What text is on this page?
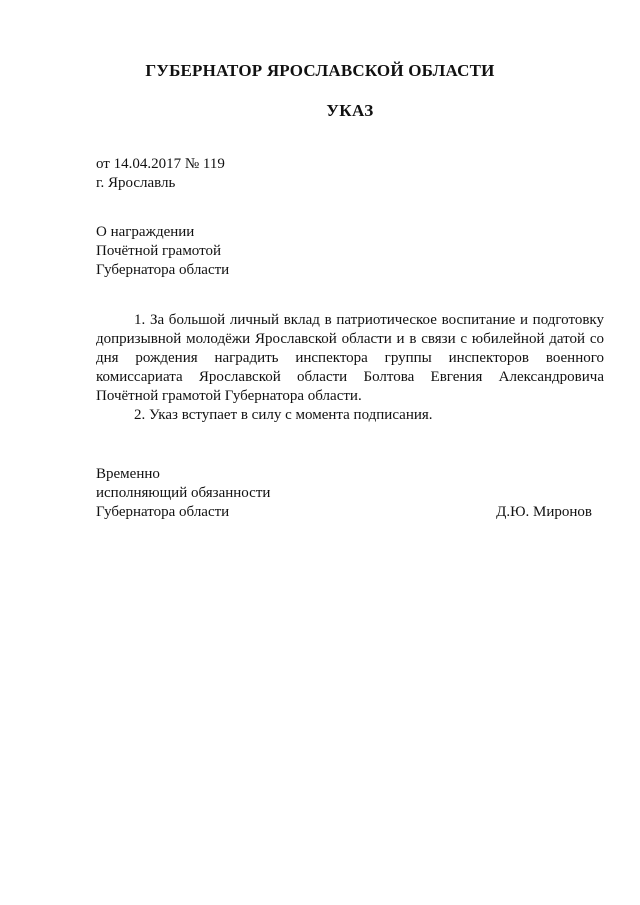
ГУБЕРНАТОР ЯРОСЛАВСКОЙ ОБЛАСТИ
УКАЗ
от 14.04.2017 № 119
г. Ярославль
О награждении
Почётной грамотой
Губернатора области

1. За большой личный вклад в патриотическое воспитание и подготовку допризывной молодёжи Ярославской области и в связи с юбилейной датой со дня рождения наградить инспектора группы инспекторов военного комиссариата Ярославской области Болтова Евгения Александровича Почётной грамотой Губернатора области.

2. Указ вступает в силу с момента подписания.

Временно
исполняющий обязанности
Губернатора области	Д.Ю. Миронов
